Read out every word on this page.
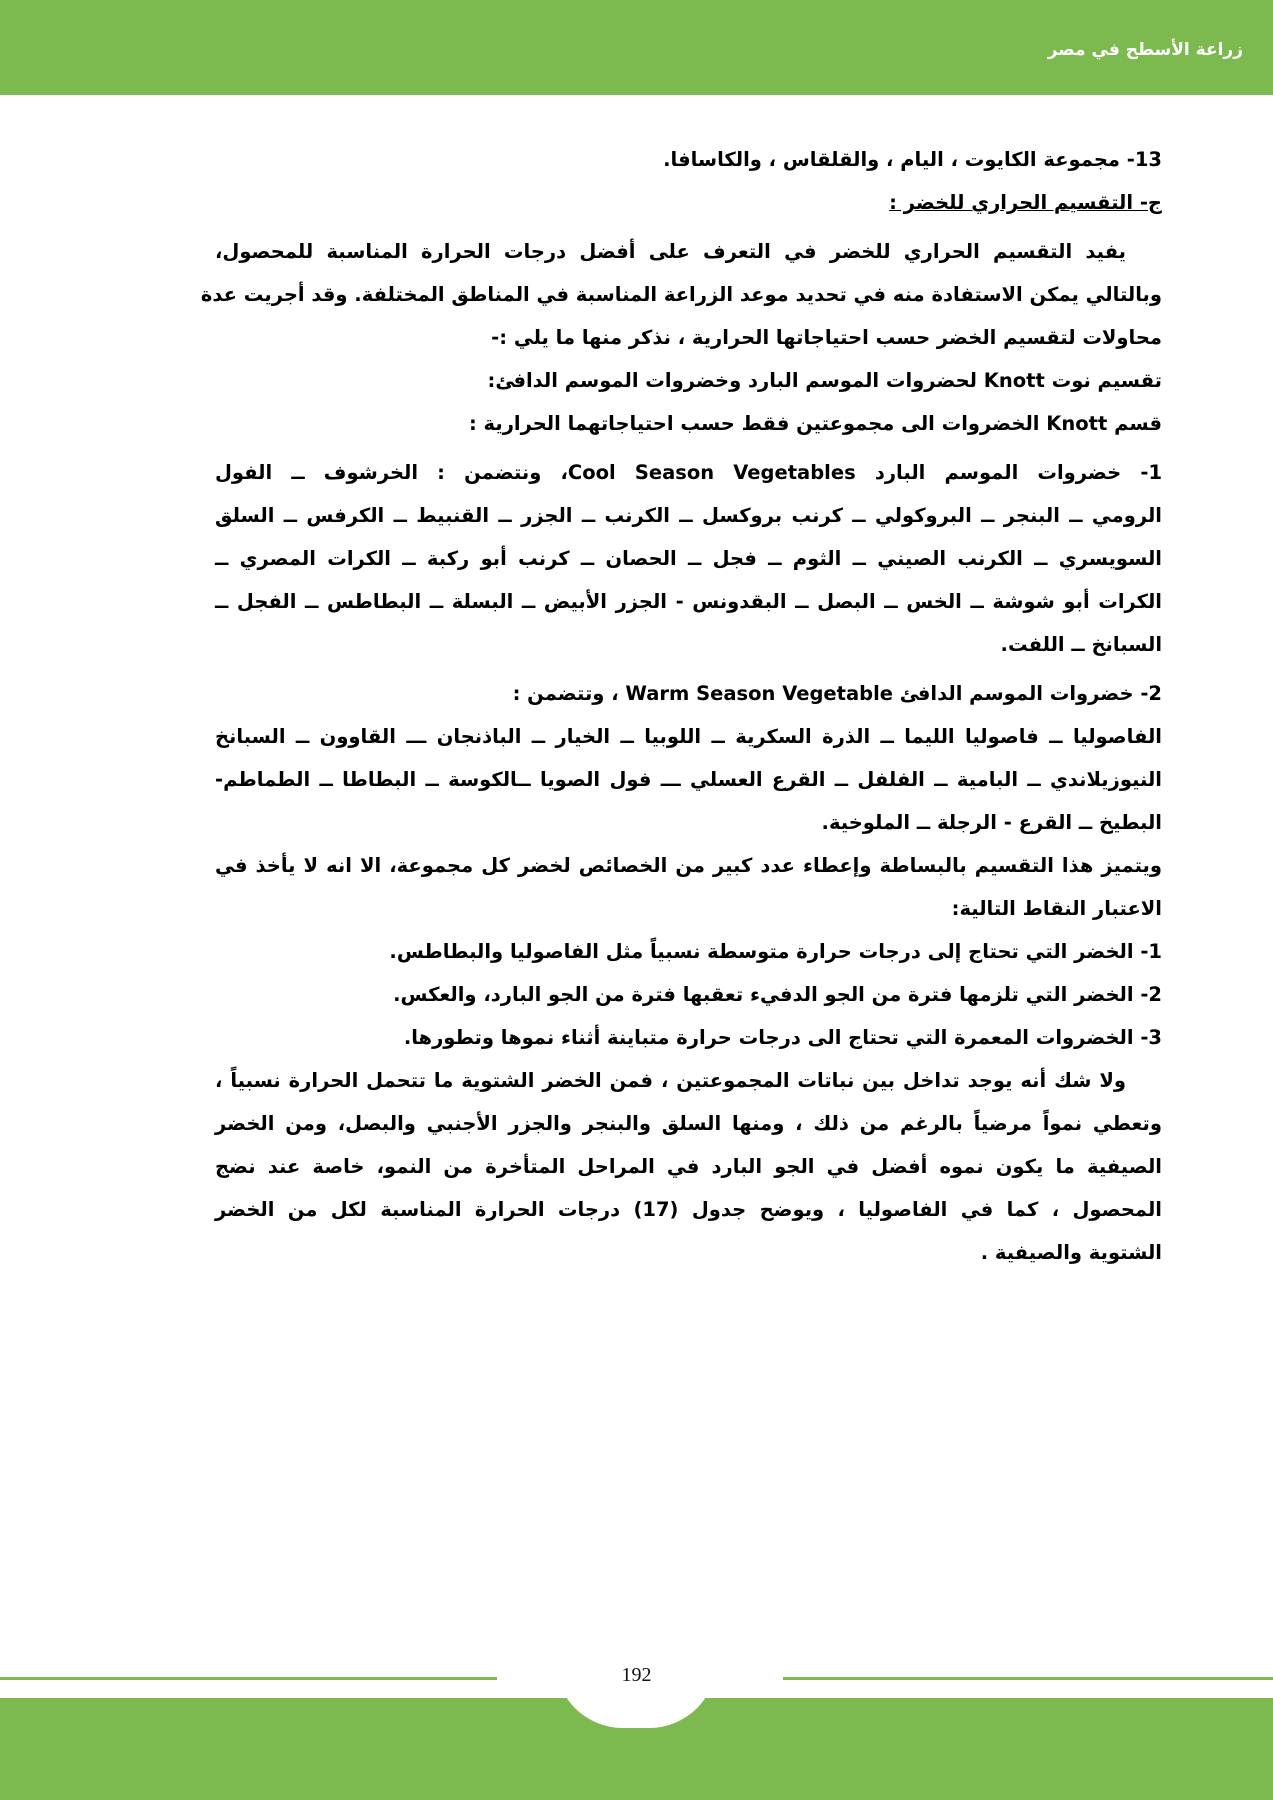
زراعة الأسطح في مصر
13- مجموعة الكايوت ، اليام ، والقلقاس ، والكاسافا.
ج- التقسيم الحراري للخضر :
يفيد التقسيم الحراري للخضر في التعرف على أفضل درجات الحرارة المناسبة للمحصول،
وبالتالي يمكن الاستفادة منه في تحديد موعد الزراعة المناسبة في المناطق المختلفة. وقد أجريت عدة
محاولات لتقسيم الخضر حسب احتياجاتها الحرارية ، نذكر منها ما يلي :-
تقسيم نوت Knott لحضروات الموسم البارد وخضروات الموسم الدافئ:
قسم Knott الخضروات الى مجموعتين فقط حسب احتياجاتهما الحرارية :
1- خضروات الموسم البارد Cool Season Vegetables، ونتضمن : الخرشوف ــ الفول
الرومي ــ البنجر ــ البروكولي ــ كرنب بروكسل ــ الكرنب ــ الجزر ــ القنبيط ــ الكرفس ــ السلق
السويسري ــ الكرنب الصيني ــ الثوم ــ فجل ــ الحصان ــ كرنب أبو ركبة ــ الكرات المصري ــ
الكرات أبو شوشة ــ الخس ــ البصل ــ البقدونس - الجزر الأبيض ــ البسلة ــ البطاطس ــ الفجل ــ
السبانخ ــ اللفت.
2- خضروات الموسم الدافئ Warm Season Vegetable ، وتتضمن :
الفاصوليا ــ فاصوليا الليما ــ الذرة السكرية ــ اللوبيا ــ الخيار ــ الباذنجان ـــ القاوون ــ السبانخ
النيوزيلاندي ــ البامية ــ الفلفل ــ القرع العسلي ـــ فول الصويا ــالكوسة ــ البطاطا ــ الطماطم-
البطيخ ــ القرع - الرجلة ــ الملوخية.
ويتميز هذا التقسيم بالبساطة وإعطاء عدد كبير من الخصائص لخضر كل مجموعة، الا انه لا يأخذ في
الاعتبار النقاط التالية:
1- الخضر التي تحتاج إلى درجات حرارة متوسطة نسبياً مثل الفاصوليا والبطاطس.
2- الخضر التي تلزمها فترة من الجو الدفيء تعقبها فترة من الجو البارد، والعكس.
3- الخضروات المعمرة التي تحتاج الى درجات حرارة متباينة أثناء نموها وتطورها.
ولا شك أنه يوجد تداخل بين نباتات المجموعتين ، فمن الخضر الشتوية ما تتحمل الحرارة نسبياً ،
وتعطي نمواً مرضياً بالرغم من ذلك ، ومنها السلق والبنجر والجزر الأجنبي والبصل، ومن الخضر
الصيفية ما يكون نموه أفضل في الجو البارد في المراحل المتأخرة من النمو، خاصة عند نضج
المحصول ، كما في الفاصوليا ، ويوضح جدول (17) درجات الحرارة المناسبة لكل من الخضر
الشتوية والصيفية .
192
